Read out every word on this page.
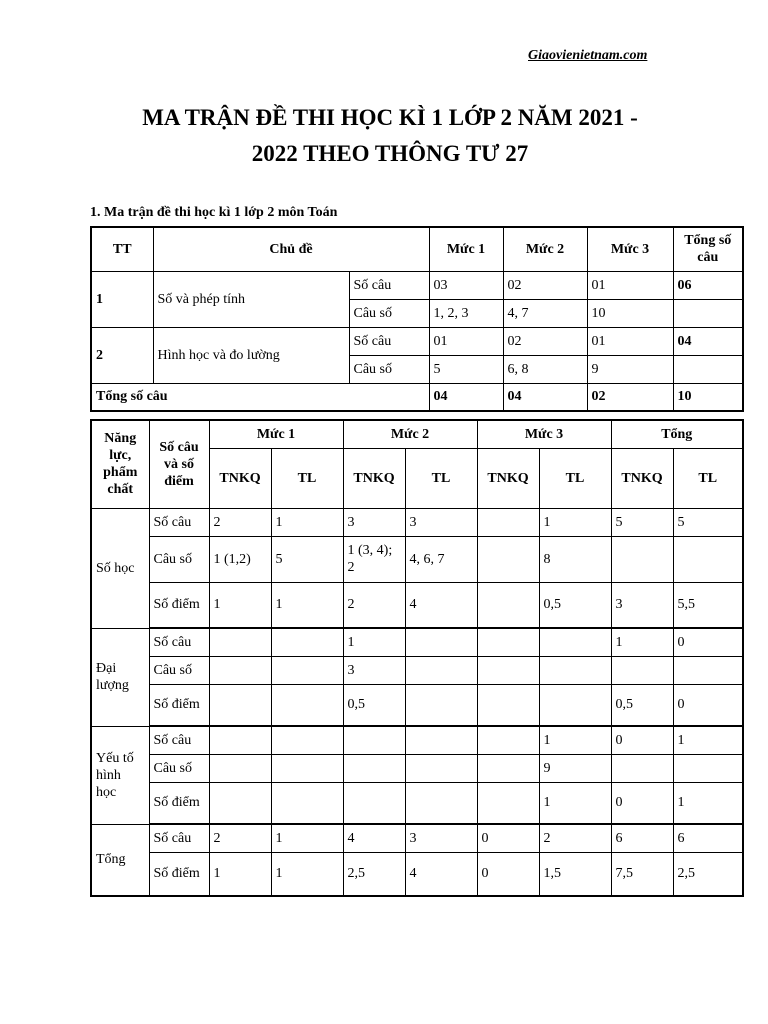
Giaovienietnam.com
MA TRẬN ĐỀ THI HỌC KÌ 1 LỚP 2 NĂM 2021 -
2022 THEO THÔNG TƯ 27
1. Ma trận đề thi học kì 1 lớp 2 môn Toán
TT	Chủ đề		Mức 1	Mức 2	Mức 3	Tổng số câu
1	Số và phép tính	Số câu	03	02	01	06
		Câu số	1, 2, 3	4, 7	10	
2	Hình học và đo lường	Số câu	01	02	01	04
		Câu số	5	6, 8	9	
Tổng số câu			04	04	02	10
Năng lực, phẩm chất	Số câu và số điểm	Mức 1		Mức 2		Mức 3		Tổng	
		TNKQ	TL	TNKQ	TL	TNKQ	TL	TNKQ	TL
Số học	Số câu	2	1	3	3		1	5	5
	Câu số	1 (1,2)	5	1 (3, 4); 2	4, 6, 7		8		
	Số điểm	1	1	2	4		0,5	3	5,5
Đại lượng	Số câu			1				1	0
	Câu số			3					
	Số điểm			0,5				0,5	0
Yếu tố hình học	Số câu						1	0	1
	Câu số						9		
	Số điểm						1	0	1
Tổng	Số câu	2	1	4	3	0	2	6	6
	Số điểm	1	1	2,5	4	0	1,5	7,5	2,5
